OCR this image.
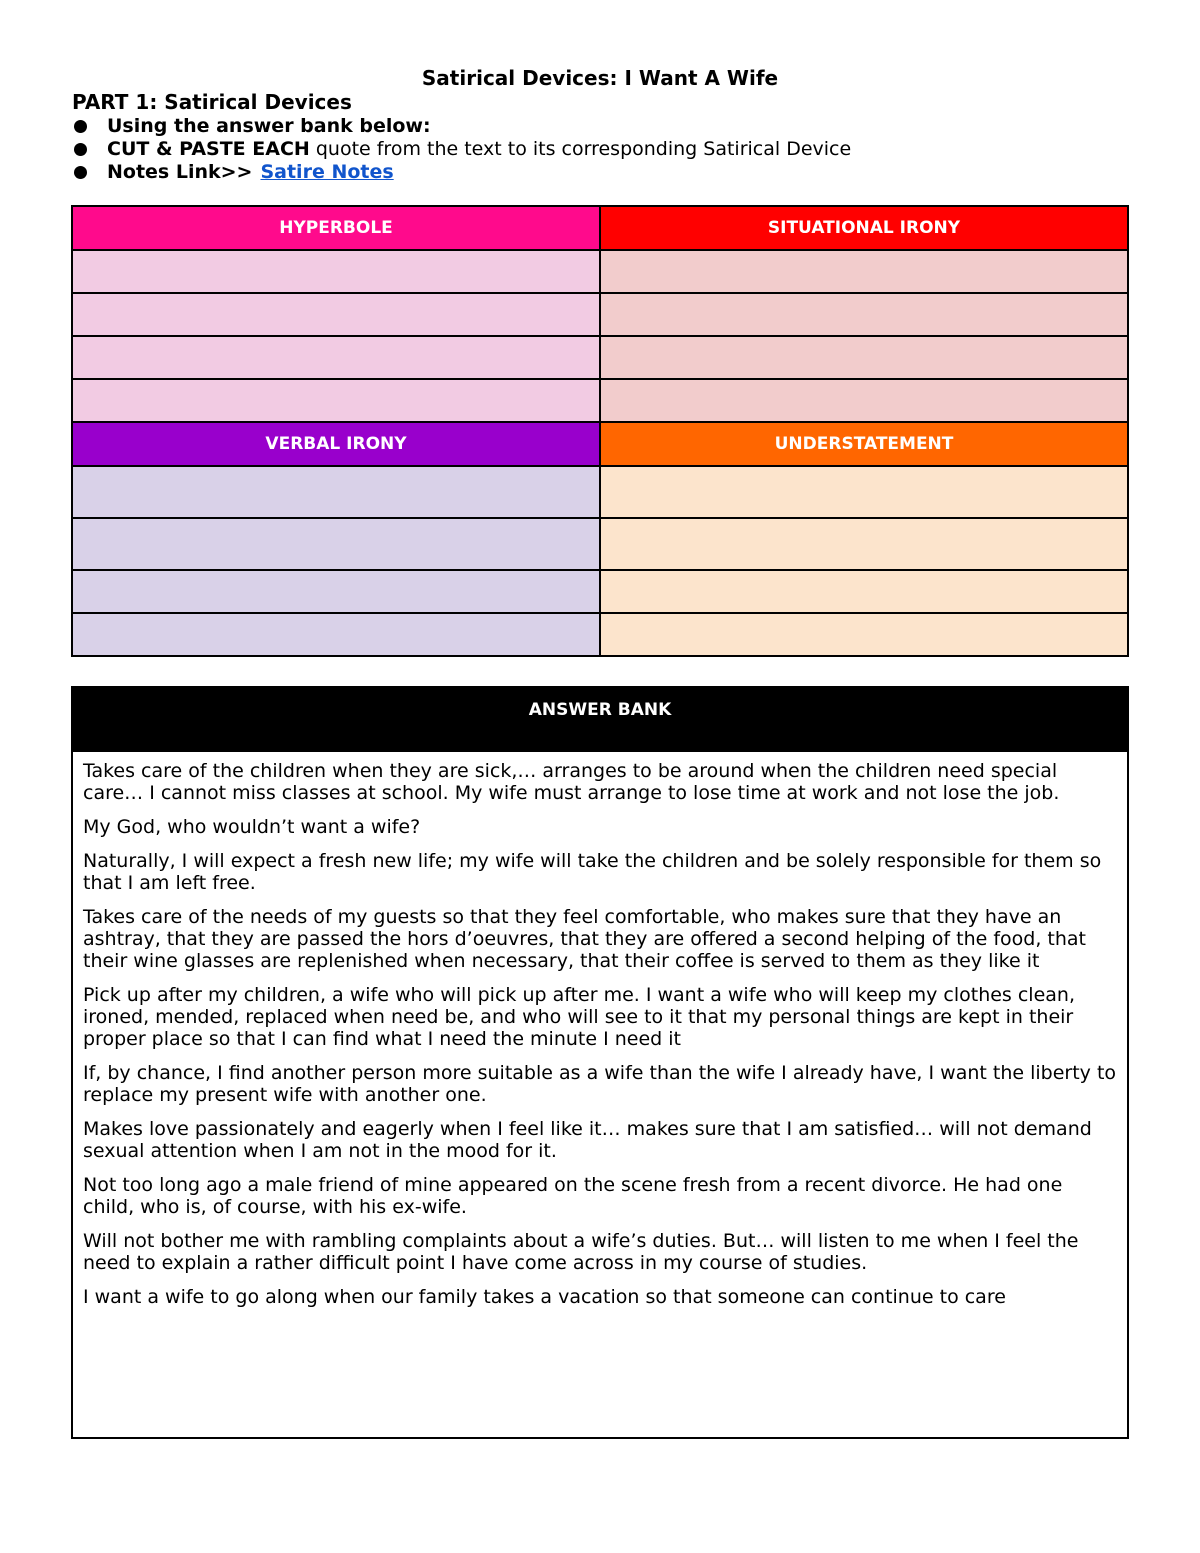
Satirical Devices: I Want A Wife
PART 1: Satirical Devices
Using the answer bank below:
CUT & PASTE EACH quote from the text to its corresponding Satirical Device
Notes Link>> Satire Notes
HYPERBOLE	SITUATIONAL IRONY

VERBAL IRONY	UNDERSTATEMENT

ANSWER BANK

Takes care of the children when they are sick,… arranges to be around when the children need special care… I cannot miss classes at school. My wife must arrange to lose time at work and not lose the job.

My God, who wouldn’t want a wife?

Naturally, I will expect a fresh new life; my wife will take the children and be solely responsible for them so that I am left free.

Takes care of the needs of my guests so that they feel comfortable, who makes sure that they have an ashtray, that they are passed the hors d’oeuvres, that they are offered a second helping of the food, that their wine glasses are replenished when necessary, that their coffee is served to them as they like it

Pick up after my children, a wife who will pick up after me. I want a wife who will keep my clothes clean, ironed, mended, replaced when need be, and who will see to it that my personal things are kept in their proper place so that I can find what I need the minute I need it

If, by chance, I find another person more suitable as a wife than the wife I already have, I want the liberty to replace my present wife with another one.

Makes love passionately and eagerly when I feel like it… makes sure that I am satisfied… will not demand sexual attention when I am not in the mood for it.

Not too long ago a male friend of mine appeared on the scene fresh from a recent divorce. He had one child, who is, of course, with his ex-wife.

Will not bother me with rambling complaints about a wife’s duties. But… will listen to me when I feel the need to explain a rather difficult point I have come across in my course of studies.

I want a wife to go along when our family takes a vacation so that someone can continue to care
